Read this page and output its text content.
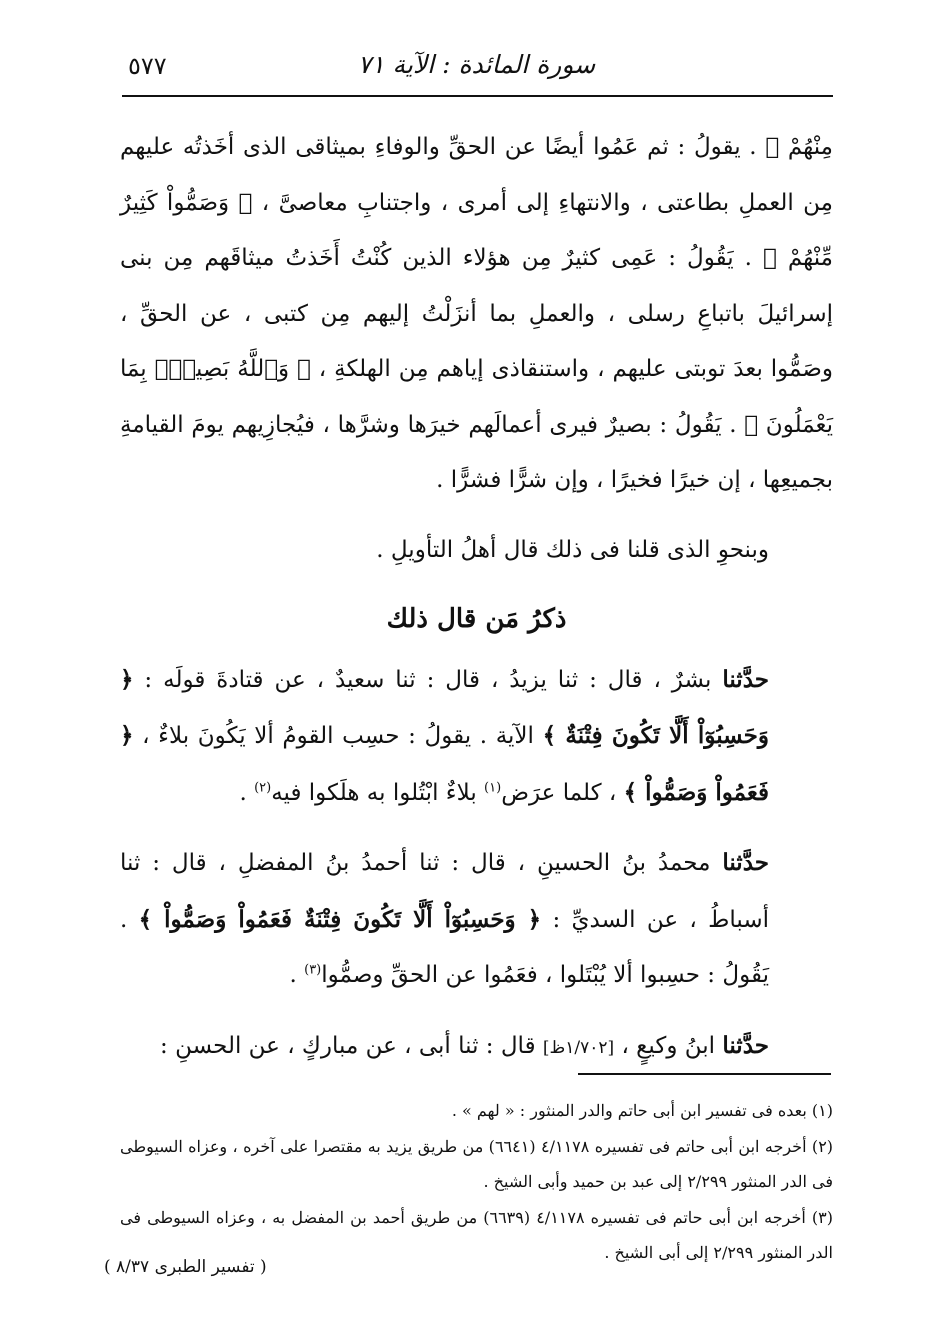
٥٧٧	سورة المائدة : الآية ٧١

مِنْهُمْ ﴾ . يقولُ : ثم عَمُوا أيضًا عن الحقِّ والوفاءِ بميثاقى الذى أخَذتُه عليهم مِن العملِ بطاعتى ، والانتهاءِ إلى أمرى ، واجتنابِ معاصىَّ ، ﴿ وَصَمُّواْ كَثِيرٌ مِّنْهُمْ ﴾ . يَقُولُ : عَمِى كثيرٌ مِن هؤلاء الذين كُنْتُ أَخَذتُ ميثاقَهم مِن بنى إسرائيلَ باتباعِ رسلى ، والعملِ بما أنزَلْتُ إليهم مِن كتبى ، عن الحقِّ ، وصَمُّوا بعدَ توبتى عليهم ، واستنقاذى إياهم مِن الهلكةِ ، ﴿ وَٱللَّهُ بَصِيرٌۢ بِمَا يَعْمَلُونَ ﴾ . يَقُولُ : بصيرٌ فيرى أعمالَهم خيرَها وشرَّها ، فيُجازِيهم يومَ القيامةِ بجميعِها ، إن خيرًا فخيرًا ، وإن شرًّا فشرًّا .

وبنحوِ الذى قلنا فى ذلك قال أهلُ التأويلِ .

ذكرُ مَن قال ذلك

حدَّثنا بشرٌ ، قال : ثنا يزيدُ ، قال : ثنا سعيدٌ ، عن قتادةَ قولَه : ﴿ وَحَسِبُوٓاْ أَلَّا تَكُونَ فِتْنَةٌ ﴾ الآية . يقولُ : حسِب القومُ ألا يَكُونَ بلاءٌ ، ﴿ فَعَمُواْ وَصَمُّواْ ﴾ ، كلما عرَض$^{(١)}$ بلاءٌ ابْتُلوا به هلَكوا فيه$^{(٢)}$ .

حدَّثنا محمدُ بنُ الحسينِ ، قال : ثنا أحمدُ بنُ المفضلِ ، قال : ثنا أسباطُ ، عن السديِّ : ﴿ وَحَسِبُوٓاْ أَلَّا تَكُونَ فِتْنَةٌ فَعَمُواْ وَصَمُّواْ ﴾ . يَقُولُ : حسِبوا ألا يُبْتَلوا ، فعَمُوا عن الحقِّ وصمُّوا$^{(٣)}$ .

حدَّثنا ابنُ وكيعٍ ، [١/٧٠٢ظ] قال : ثنا أبى ، عن مباركٍ ، عن الحسنِ :

(١) بعده فى تفسير ابن أبى حاتم والدر المنثور : « لهم » .

(٢) أخرجه ابن أبى حاتم فى تفسيره ٤/١١٧٨ (٦٦٤١) من طريق يزيد به مقتصرا على آخره ، وعزاه السيوطى فى الدر المنثور ٢/٢٩٩ إلى عبد بن حميد وأبى الشيخ .

(٣) أخرجه ابن أبى حاتم فى تفسيره ٤/١١٧٨ (٦٦٣٩) من طريق أحمد بن المفضل به ، وعزاه السيوطى فى الدر المنثور ٢/٢٩٩ إلى أبى الشيخ .

( تفسير الطبرى ٨/٣٧ )
